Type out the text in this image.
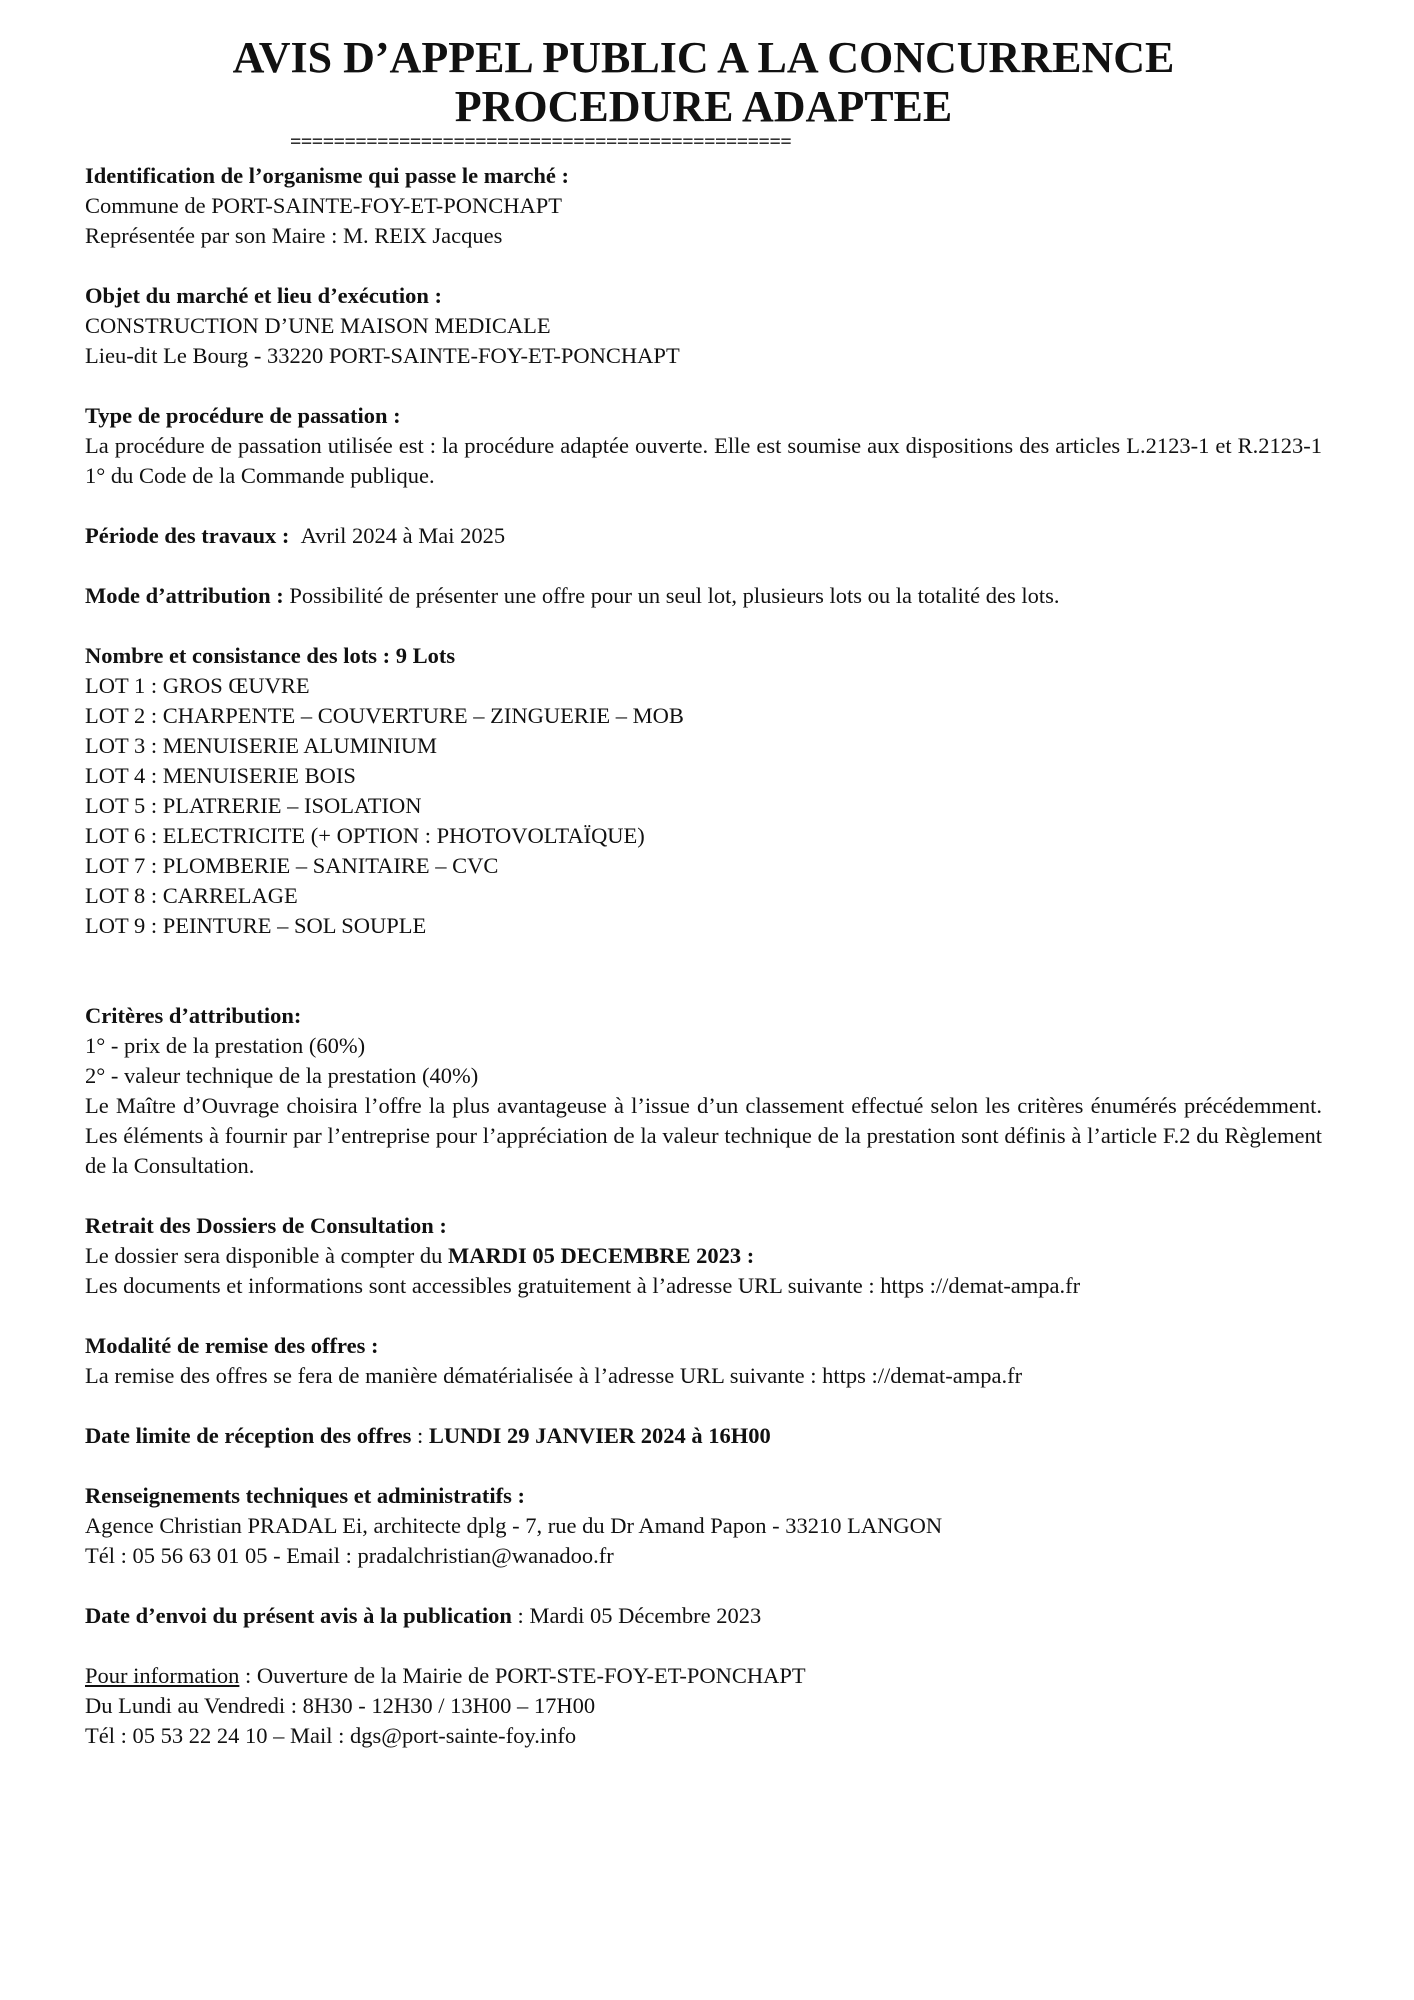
AVIS D’APPEL PUBLIC A LA CONCURRENCE
PROCEDURE ADAPTEE
==============================================
Identification de l’organisme qui passe le marché :
Commune de PORT-SAINTE-FOY-ET-PONCHAPT
Représentée par son Maire : M. REIX Jacques
Objet du marché et lieu d’exécution :
CONSTRUCTION D’UNE MAISON MEDICALE
Lieu-dit Le Bourg - 33220 PORT-SAINTE-FOY-ET-PONCHAPT
Type de procédure de passation :
La procédure de passation utilisée est : la procédure adaptée ouverte. Elle est soumise aux dispositions des articles L.2123-1 et R.2123-1 1° du Code de la Commande publique.
Période des travaux : Avril 2024 à Mai 2025
Mode d’attribution : Possibilité de présenter une offre pour un seul lot, plusieurs lots ou la totalité des lots.
Nombre et consistance des lots : 9 Lots
LOT 1 : GROS ŒUVRE
LOT 2 : CHARPENTE – COUVERTURE – ZINGUERIE – MOB
LOT 3 : MENUISERIE ALUMINIUM
LOT 4 : MENUISERIE BOIS
LOT 5 : PLATRERIE – ISOLATION
LOT 6 : ELECTRICITE (+ OPTION : PHOTOVOLTAÏQUE)
LOT 7 : PLOMBERIE – SANITAIRE – CVC
LOT 8 : CARRELAGE
LOT 9 : PEINTURE – SOL SOUPLE
Critères d’attribution:
1° - prix de la prestation (60%)
2° - valeur technique de la prestation (40%)
Le Maître d’Ouvrage choisira l’offre la plus avantageuse à l’issue d’un classement effectué selon les critères énumérés précédemment. Les éléments à fournir par l’entreprise pour l’appréciation de la valeur technique de la prestation sont définis à l’article F.2 du Règlement de la Consultation.
Retrait des Dossiers de Consultation :
Le dossier sera disponible à compter du MARDI 05 DECEMBRE 2023 :
Les documents et informations sont accessibles gratuitement à l’adresse URL suivante : https ://demat-ampa.fr
Modalité de remise des offres :
La remise des offres se fera de manière dématérialisée à l’adresse URL suivante : https ://demat-ampa.fr
Date limite de réception des offres : LUNDI 29 JANVIER 2024 à 16H00
Renseignements techniques et administratifs :
Agence Christian PRADAL Ei, architecte dplg - 7, rue du Dr Amand Papon - 33210 LANGON
Tél : 05 56 63 01 05 - Email : pradalchristian@wanadoo.fr
Date d’envoi du présent avis à la publication : Mardi 05 Décembre 2023
Pour information : Ouverture de la Mairie de PORT-STE-FOY-ET-PONCHAPT
Du Lundi au Vendredi : 8H30 - 12H30 / 13H00 – 17H00
Tél : 05 53 22 24 10 – Mail : dgs@port-sainte-foy.info
